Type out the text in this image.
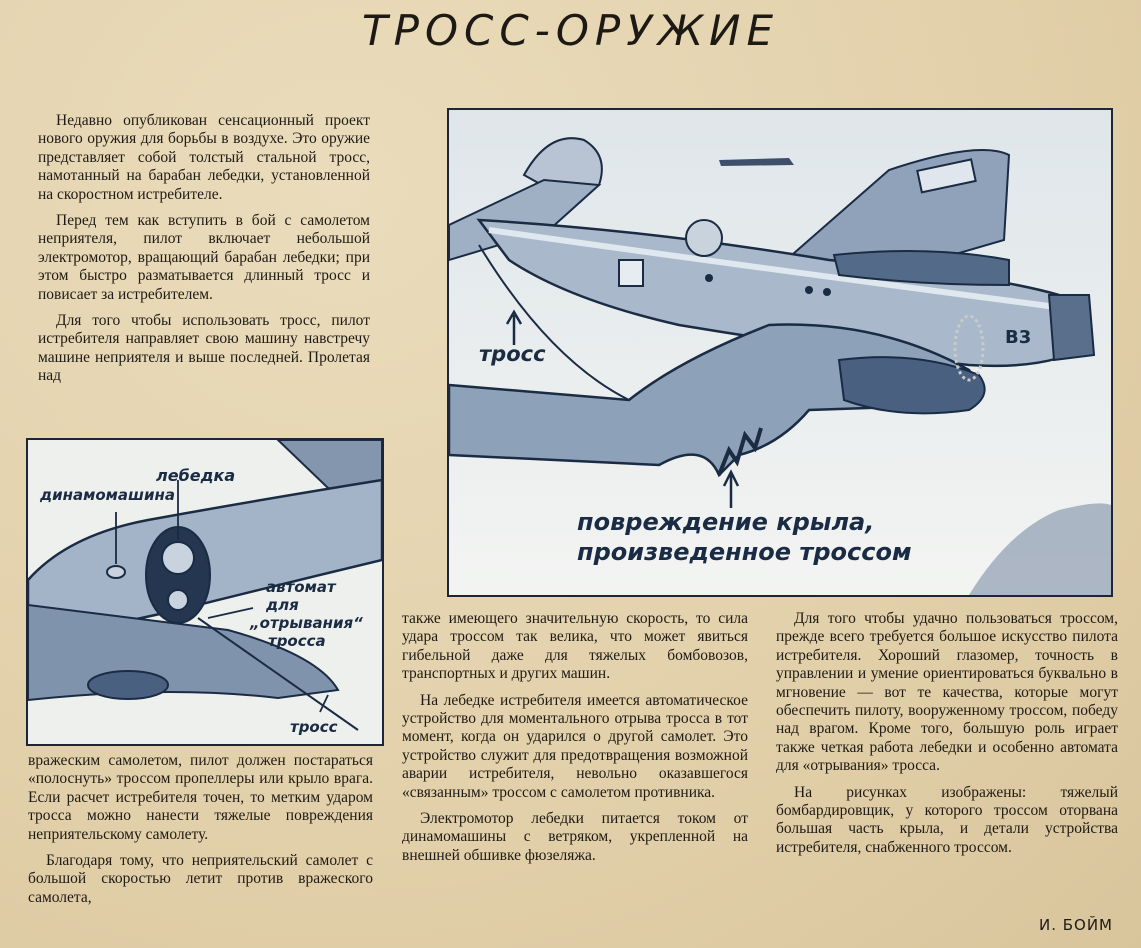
ТРОСС-ОРУЖИЕ

Недавно опубликован сенсационный проект нового оружия для борьбы в воздухе. Это оружие представляет собой толстый стальной тросс, намотанный на барабан лебедки, установленной на скоростном истребителе.

Перед тем как вступить в бой с самолетом неприятеля, пилот включает небольшой электромотор, вращающий барабан лебедки; при этом быстро разматывается длинный тросс и повисает за истребителем.

Для того чтобы использовать тросс, пилот истребителя направляет свою машину навстречу машине неприятеля и выше последней. Пролетая над

B3
тросс
повреждение крыла,
произведенное троссом
лебедка
динамомашина
автомат
для
„отрывания“
тросса
тросс

вражеским самолетом, пилот должен постараться «полоснуть» троссом пропеллеры или крыло врага. Если расчет истребителя точен, то метким ударом тросса можно нанести тяжелые повреждения неприятельскому самолету.

Благодаря тому, что неприятельский самолет с большой скоростью летит против вражеского самолета,

также имеющего значительную скорость, то сила удара троссом так велика, что может явиться гибельной даже для тяжелых бомбовозов, транспортных и других машин.

На лебедке истребителя имеется автоматическое устройство для моментального отрыва тросса в тот момент, когда он ударился о другой самолет. Это устройство служит для предотвращения возможной аварии истребителя, невольно оказавшегося «связанным» троссом с самолетом противника.

Электромотор лебедки питается током от динамомашины с ветряком, укрепленной на внешней обшивке фюзеляжа.

Для того чтобы удачно пользоваться троссом, прежде всего требуется большое искусство пилота истребителя. Хороший глазомер, точность в управлении и умение ориентироваться буквально в мгновение — вот те качества, которые могут обеспечить пилоту, вооруженному троссом, победу над врагом. Кроме того, большую роль играет также четкая работа лебедки и особенно автомата для «отрывания» тросса.

На рисунках изображены: тяжелый бомбардировщик, у которого троссом оторвана большая часть крыла, и детали устройства истребителя, снабженного троссом.

И. БОЙМ
